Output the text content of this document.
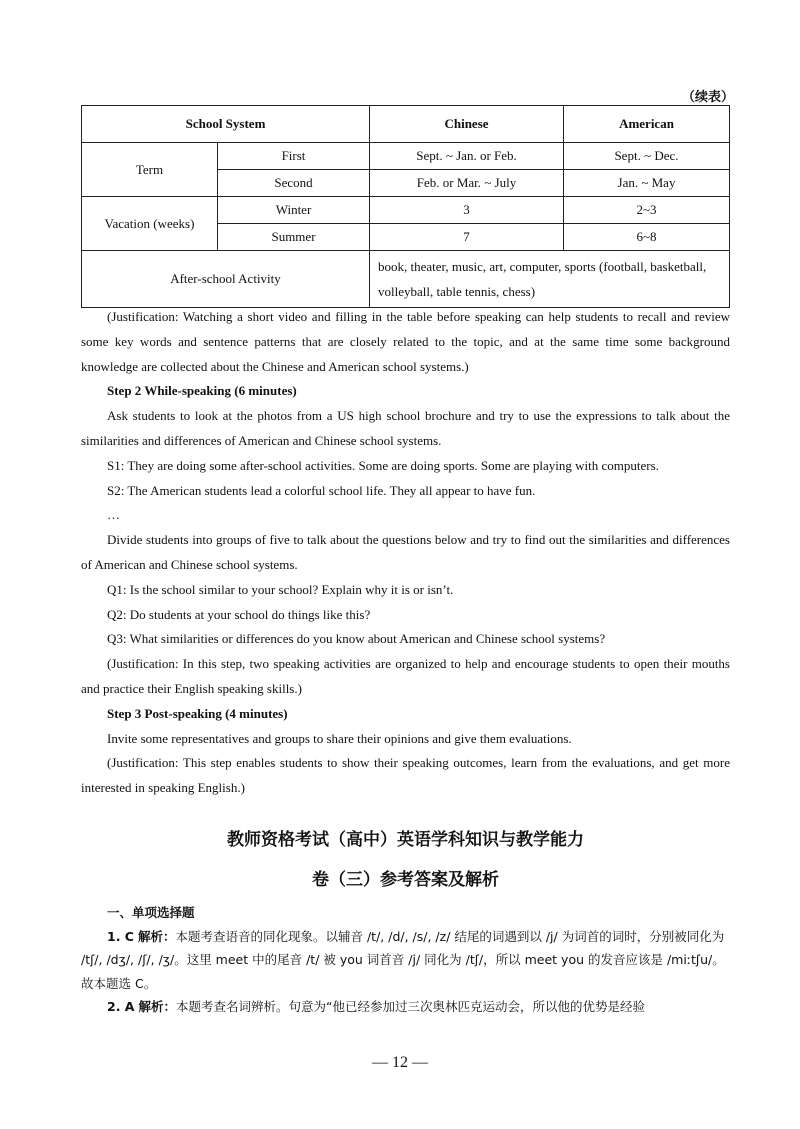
（续表）
School System		Chinese	American
Term	First	Sept. ~ Jan. or Feb.	Sept. ~ Dec.
	Second	Feb. or Mar. ~ July	Jan. ~ May
Vacation (weeks)	Winter	3	2~3
	Summer	7	6~8
After-school Activity		book, theater, music, art, computer, sports (football, basketball, volleyball, table tennis, chess)	

(Justification: Watching a short video and filling in the table before speaking can help students to recall and review some key words and sentence patterns that are closely related to the topic, and at the same time some background knowledge are collected about the Chinese and American school systems.)

Step 2 While-speaking (6 minutes)

Ask students to look at the photos from a US high school brochure and try to use the expressions to talk about the similarities and differences of American and Chinese school systems.

S1: They are doing some after-school activities. Some are doing sports. Some are playing with computers.

S2: The American students lead a colorful school life. They all appear to have fun.

…

Divide students into groups of five to talk about the questions below and try to find out the similarities and differences of American and Chinese school systems.

Q1: Is the school similar to your school? Explain why it is or isn’t.

Q2: Do students at your school do things like this?

Q3: What similarities or differences do you know about American and Chinese school systems?

(Justification: In this step, two speaking activities are organized to help and encourage students to open their mouths and practice their English speaking skills.)

Step 3 Post-speaking (4 minutes)

Invite some representatives and groups to share their opinions and give them evaluations.

(Justification: This step enables students to show their speaking outcomes, learn from the evaluations, and get more interested in speaking English.)

教师资格考试（高中）英语学科知识与教学能力
卷（三）参考答案及解析

一、单项选择题

1. C 解析：本题考查语音的同化现象。以辅音 /t/, /d/, /s/, /z/ 结尾的词遇到以 /j/ 为词首的词时，分别被同化为 /tʃ/, /dʒ/, /ʃ/, /ʒ/。这里 meet 中的尾音 /t/ 被 you 词首音 /j/ 同化为 /tʃ/，所以 meet you 的发音应该是 /miːtʃu/。故本题选 C。

2. A 解析：本题考查名词辨析。句意为“他已经参加过三次奥林匹克运动会，所以他的优势是经验

— 12 —
